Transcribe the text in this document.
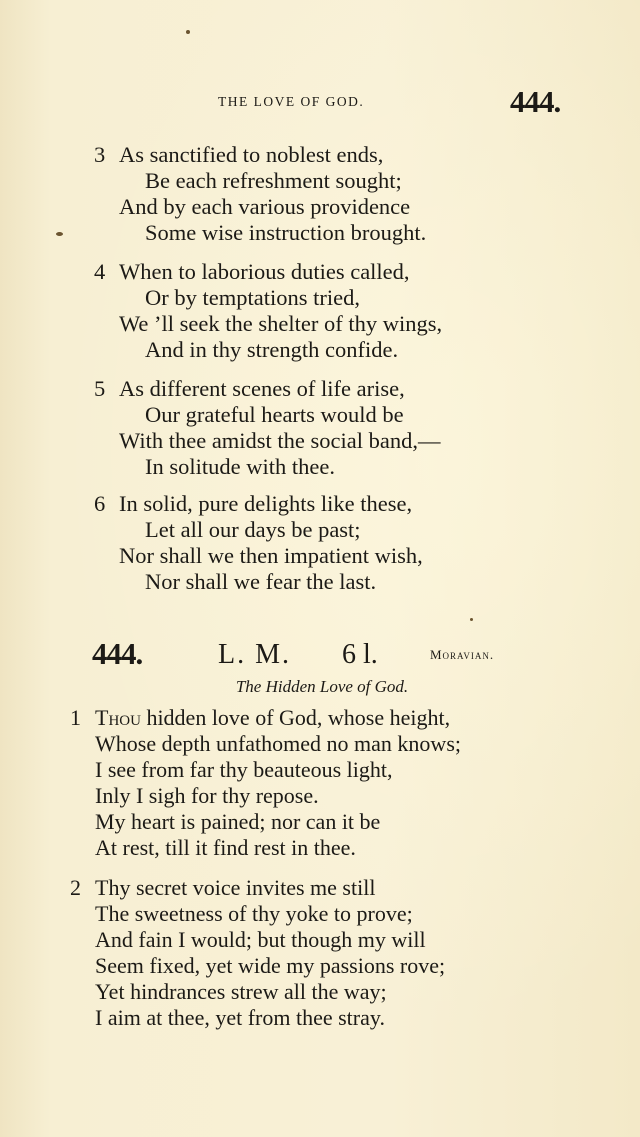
THE LOVE OF GOD.	444.
3 As sanctified to noblest ends,
Be each refreshment sought;
And by each various providence
Some wise instruction brought.
4 When to laborious duties called,
Or by temptations tried,
We ’ll seek the shelter of thy wings,
And in thy strength confide.
5 As different scenes of life arise,
Our grateful hearts would be
With thee amidst the social band,—
In solitude with thee.
6 In solid, pure delights like these,
Let all our days be past;
Nor shall we then impatient wish,
Nor shall we fear the last.
444.	L. M. 6 l.	Moravian.
The Hidden Love of God.
1 Thou hidden love of God, whose height,
Whose depth unfathomed no man knows;
I see from far thy beauteous light,
Inly I sigh for thy repose.
My heart is pained; nor can it be
At rest, till it find rest in thee.
2 Thy secret voice invites me still
The sweetness of thy yoke to prove;
And fain I would; but though my will
Seem fixed, yet wide my passions rove;
Yet hindrances strew all the way;
I aim at thee, yet from thee stray.
